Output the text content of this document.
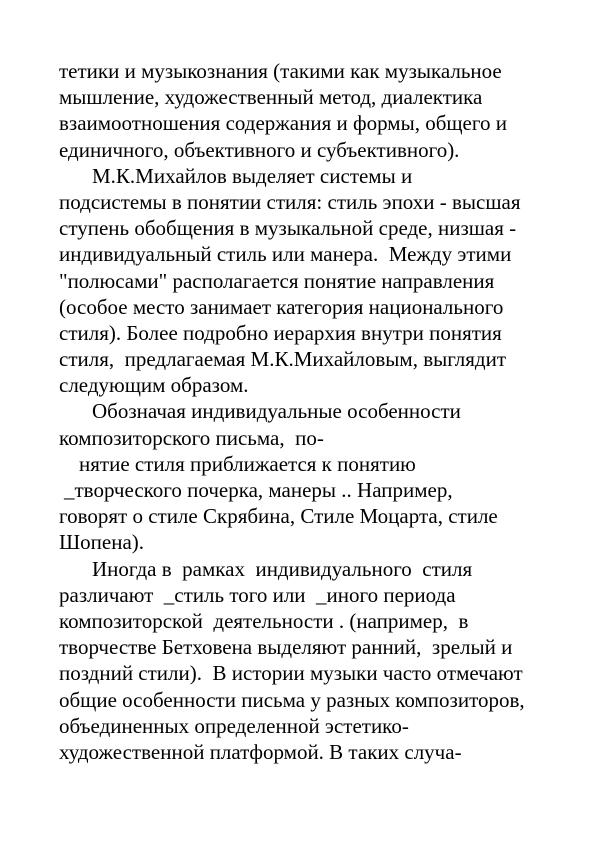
тетики и музыкознания (такими как музыкальное
мышление, художественный метод, диалектика
взаимоотношения содержания и формы, общего и
единичного, объективного и субъективного).
М.К.Михайлов выделяет системы и
подсистемы в понятии стиля: стиль эпохи - высшая
ступень обобщения в музыкальной среде, низшая -
индивидуальный стиль или манера.  Между этими
"полюсами" располагается понятие направления
(особое место занимает категория национального
стиля). Более подробно иерархия внутри понятия
стиля,  предлагаемая М.К.Михайловым, выглядит
следующим образом.
Обозначая индивидуальные особенности
композиторского письма,  по-
нятие стиля приближается к понятию
_творческого почерка, манеры .. Например,
говорят о стиле Скрябина, Стиле Моцарта, стиле
Шопена).
Иногда в  рамках  индивидуального  стиля
различают  _стиль того или  _иного периода
композиторской  деятельности . (например,  в
творчестве Бетховена выделяют ранний,  зрелый и
поздний стили).  В истории музыки часто отмечают
общие особенности письма у разных композиторов,
объединенных определенной эстетико-
художественной платформой. В таких случа-
